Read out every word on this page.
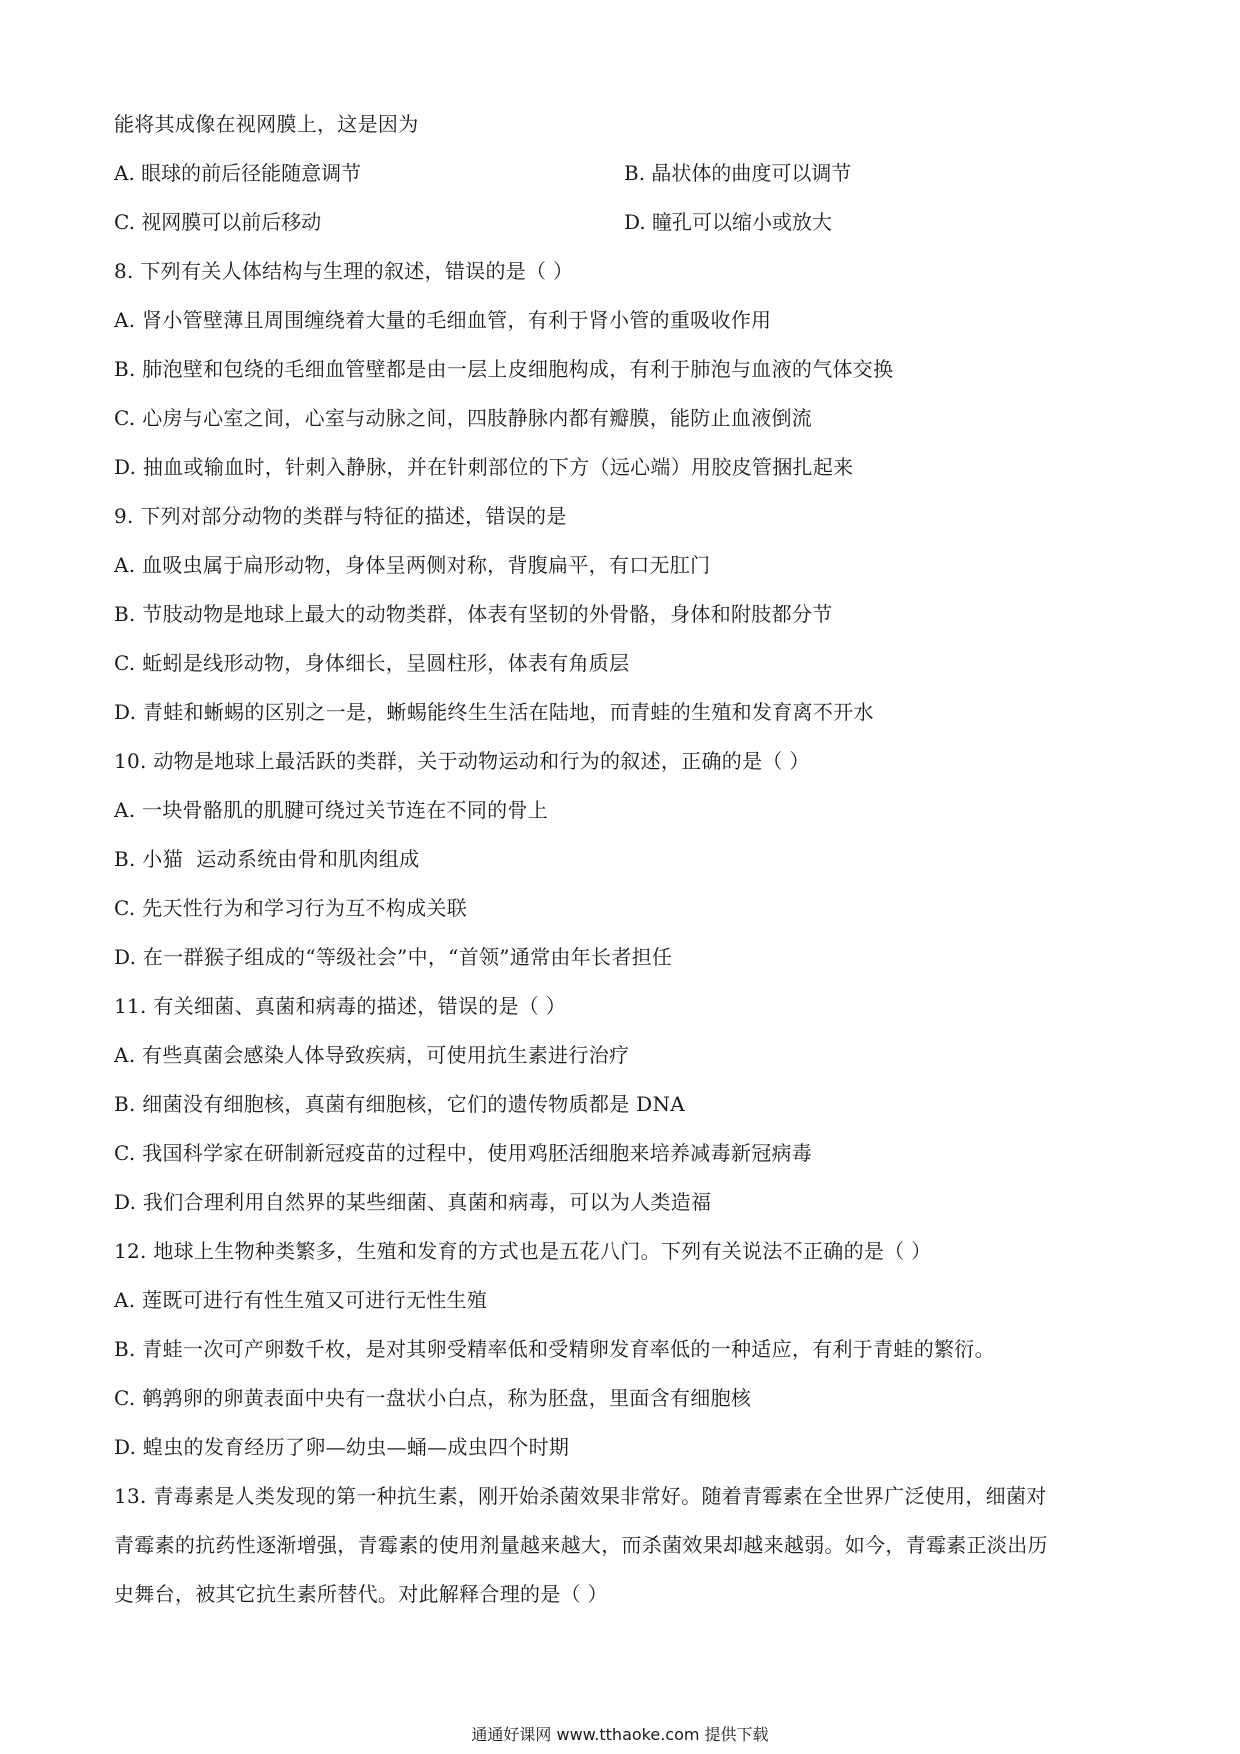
能将其成像在视网膜上，这是因为
A. 眼球的前后径能随意调节	B. 晶状体的曲度可以调节
C. 视网膜可以前后移动	D. 瞳孔可以缩小或放大
8. 下列有关人体结构与生理的叙述，错误的是（ ）
A. 肾小管壁薄且周围缠绕着大量的毛细血管，有利于肾小管的重吸收作用
B. 肺泡壁和包绕的毛细血管壁都是由一层上皮细胞构成，有利于肺泡与血液的气体交换
C. 心房与心室之间，心室与动脉之间，四肢静脉内都有瓣膜，能防止血液倒流
D. 抽血或输血时，针刺入静脉，并在针刺部位的下方（远心端）用胶皮管捆扎起来
9. 下列对部分动物的类群与特征的描述，错误的是
A. 血吸虫属于扁形动物，身体呈两侧对称，背腹扁平，有口无肛门
B. 节肢动物是地球上最大的动物类群，体表有坚韧的外骨骼，身体和附肢都分节
C. 蚯蚓是线形动物，身体细长，呈圆柱形，体表有角质层
D. 青蛙和蜥蜴的区别之一是，蜥蜴能终生生活在陆地，而青蛙的生殖和发育离不开水
10. 动物是地球上最活跃的类群，关于动物运动和行为的叙述，正确的是（ ）
A. 一块骨骼肌的肌腱可绕过关节连在不同的骨上
B. 小猫  运动系统由骨和肌肉组成
C. 先天性行为和学习行为互不构成关联
D. 在一群猴子组成的“等级社会”中，“首领”通常由年长者担任
11. 有关细菌、真菌和病毒的描述，错误的是（ ）
A. 有些真菌会感染人体导致疾病，可使用抗生素进行治疗
B. 细菌没有细胞核，真菌有细胞核，它们的遗传物质都是 DNA
C. 我国科学家在研制新冠疫苗的过程中，使用鸡胚活细胞来培养减毒新冠病毒
D. 我们合理利用自然界的某些细菌、真菌和病毒，可以为人类造福
12. 地球上生物种类繁多，生殖和发育的方式也是五花八门。下列有关说法不正确的是（ ）
A. 莲既可进行有性生殖又可进行无性生殖
B. 青蛙一次可产卵数千枚，是对其卵受精率低和受精卵发育率低的一种适应，有利于青蛙的繁衍。
C. 鹌鹑卵的卵黄表面中央有一盘状小白点，称为胚盘，里面含有细胞核
D. 蝗虫的发育经历了卵—幼虫—蛹—成虫四个时期
13. 青毒素是人类发现的第一种抗生素，刚开始杀菌效果非常好。随着青霉素在全世界广泛使用，细菌对
青霉素的抗药性逐渐增强，青霉素的使用剂量越来越大，而杀菌效果却越来越弱。如今，青霉素正淡出历
史舞台，被其它抗生素所替代。对此解释合理的是（ ）
通通好课网 www.tthaoke.com 提供下载
